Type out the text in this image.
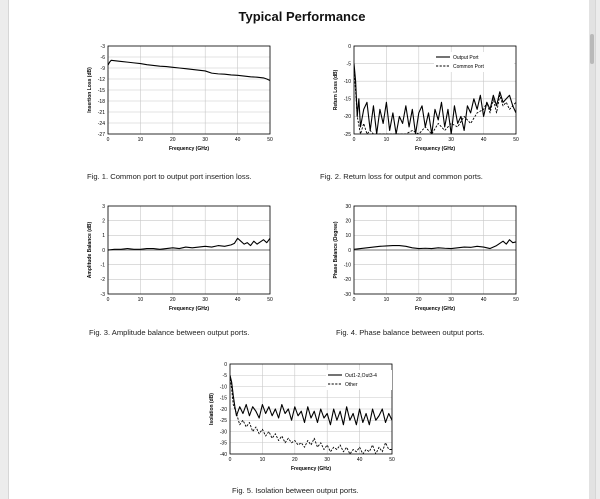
Typical Performance
-3
-6
-9
-12
-15
-18
-21
-24
-27
0	10	20	30	40	50
Frequency (GHz)
Insertion Loss (dB)
Fig. 1. Common port to output port insertion loss.
0
-5
-10
-15
-20
-25
0	10	20	30	40	50
Frequency (GHz)
Return Loss (dB)
Output Port
Common Port
Fig. 2. Return loss for output and common ports.
3
2
1
0
-1
-2
-3
0	10	20	30	40	50
Frequency (GHz)
Amplitude Balance (dB)
Fig. 3. Amplitude balance between output ports.
30
20
10
0
-10
-20
-30
0	10	20	30	40	50
Frequency (GHz)
Phase Balance (Degree)
Fig. 4. Phase balance between output ports.
0
-5
-10
-15
-20
-25
-30
-35
-40
0	10	20	30	40	50
Frequency (GHz)
Isolation (dB)
Out1-2,Out3-4
Other
Fig. 5. Isolation between output ports.
